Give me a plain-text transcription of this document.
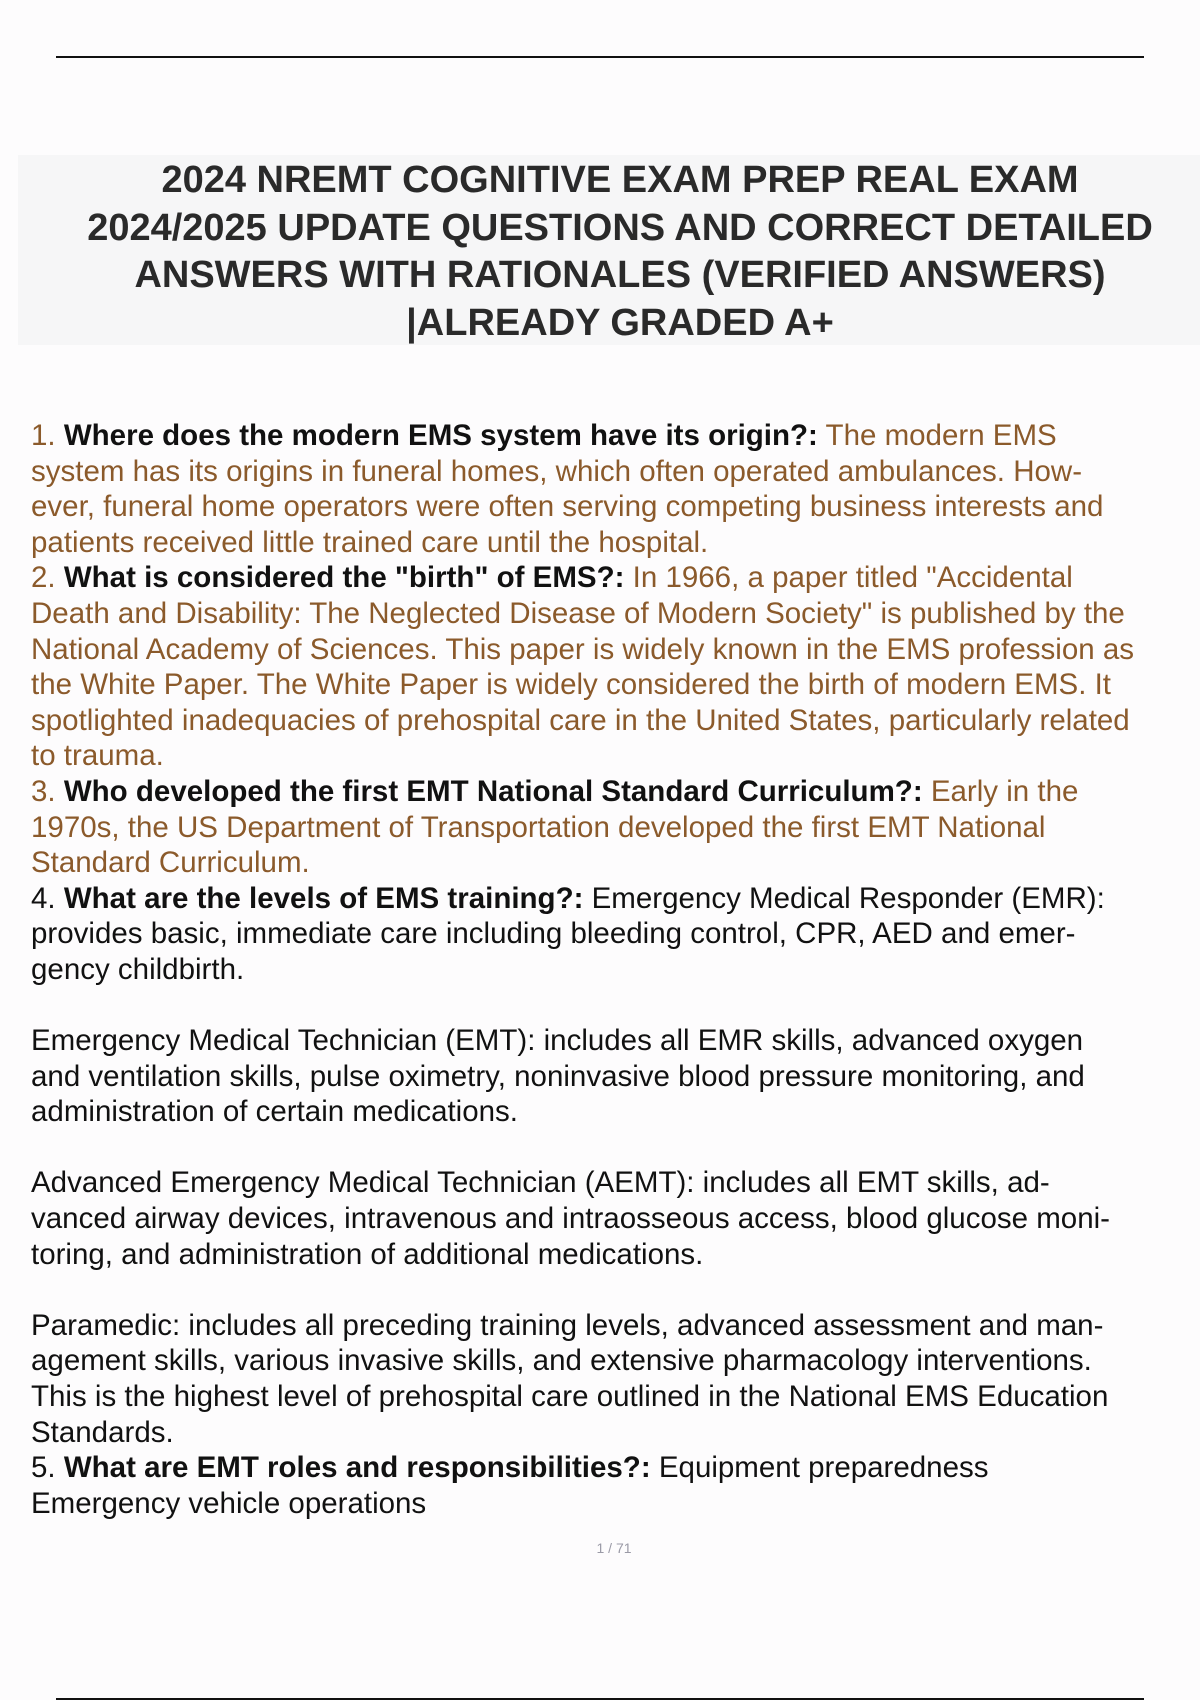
2024 NREMT COGNITIVE EXAM PREP REAL EXAM
2024/2025 UPDATE QUESTIONS AND CORRECT DETAILED
ANSWERS WITH RATIONALES (VERIFIED ANSWERS)
|ALREADY GRADED A+
1. Where does the modern EMS system have its origin?: The modern EMS
system has its origins in funeral homes, which often operated ambulances. How-
ever, funeral home operators were often serving competing business interests and
patients received little trained care until the hospital.
2. What is considered the "birth" of EMS?: In 1966, a paper titled "Accidental
Death and Disability: The Neglected Disease of Modern Society" is published by the
National Academy of Sciences. This paper is widely known in the EMS profession as
the White Paper. The White Paper is widely considered the birth of modern EMS. It
spotlighted inadequacies of prehospital care in the United States, particularly related
to trauma.
3. Who developed the first EMT National Standard Curriculum?: Early in the
1970s, the US Department of Transportation developed the first EMT National
Standard Curriculum.
4. What are the levels of EMS training?: Emergency Medical Responder (EMR):
provides basic, immediate care including bleeding control, CPR, AED and emer-
gency childbirth.
Emergency Medical Technician (EMT): includes all EMR skills, advanced oxygen
and ventilation skills, pulse oximetry, noninvasive blood pressure monitoring, and
administration of certain medications.
Advanced Emergency Medical Technician (AEMT): includes all EMT skills, ad-
vanced airway devices, intravenous and intraosseous access, blood glucose moni-
toring, and administration of additional medications.
Paramedic: includes all preceding training levels, advanced assessment and man-
agement skills, various invasive skills, and extensive pharmacology interventions.
This is the highest level of prehospital care outlined in the National EMS Education
Standards.
5. What are EMT roles and responsibilities?: Equipment preparedness
Emergency vehicle operations
1 / 71
